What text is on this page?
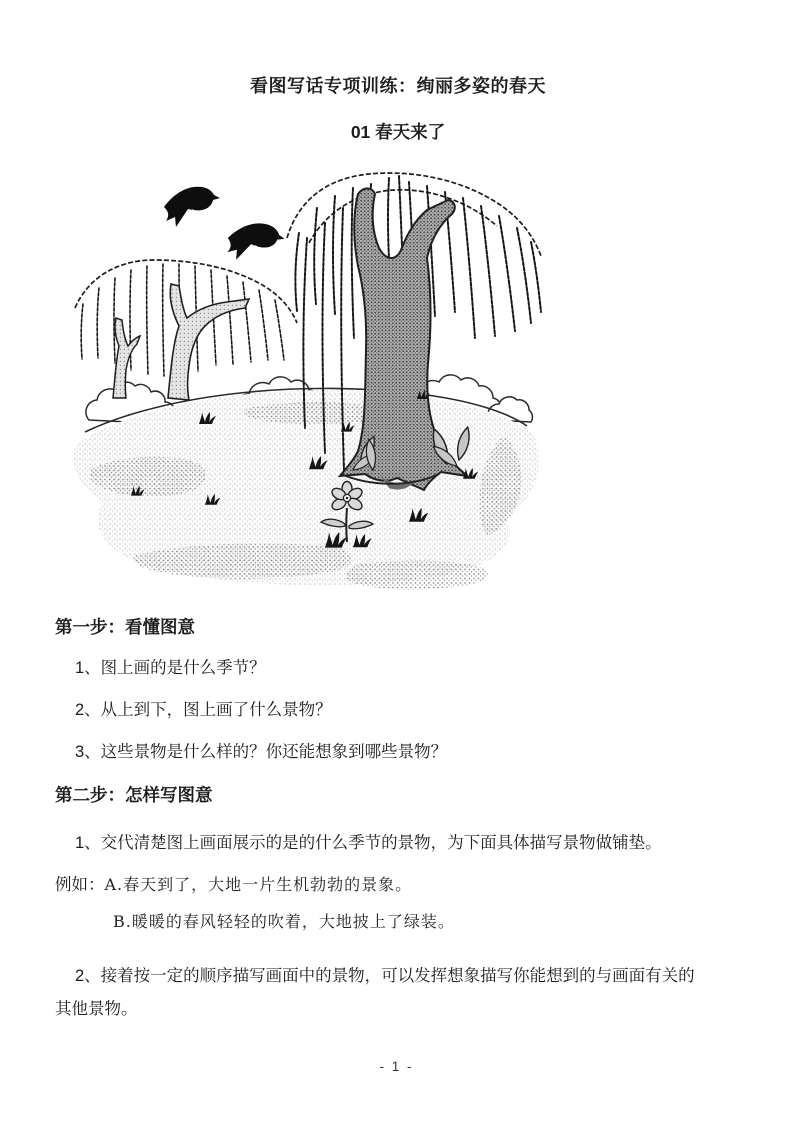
看图写话专项训练：绚丽多姿的春天
01 春天来了
第一步：看懂图意

1、图上画的是什么季节？

2、从上到下，图上画了什么景物？

3、这些景物是什么样的？你还能想象到哪些景物？

第二步：怎样写图意

1、交代清楚图上画面展示的是的什么季节的景物，为下面具体描写景物做铺垫。

例如：A.春天到了，大地一片生机勃勃的景象。

B.暖暖的春风轻轻的吹着，大地披上了绿装。

2、接着按一定的顺序描写画面中的景物，可以发挥想象描写你能想到的与画面有关的其他景物。

- 1 -
